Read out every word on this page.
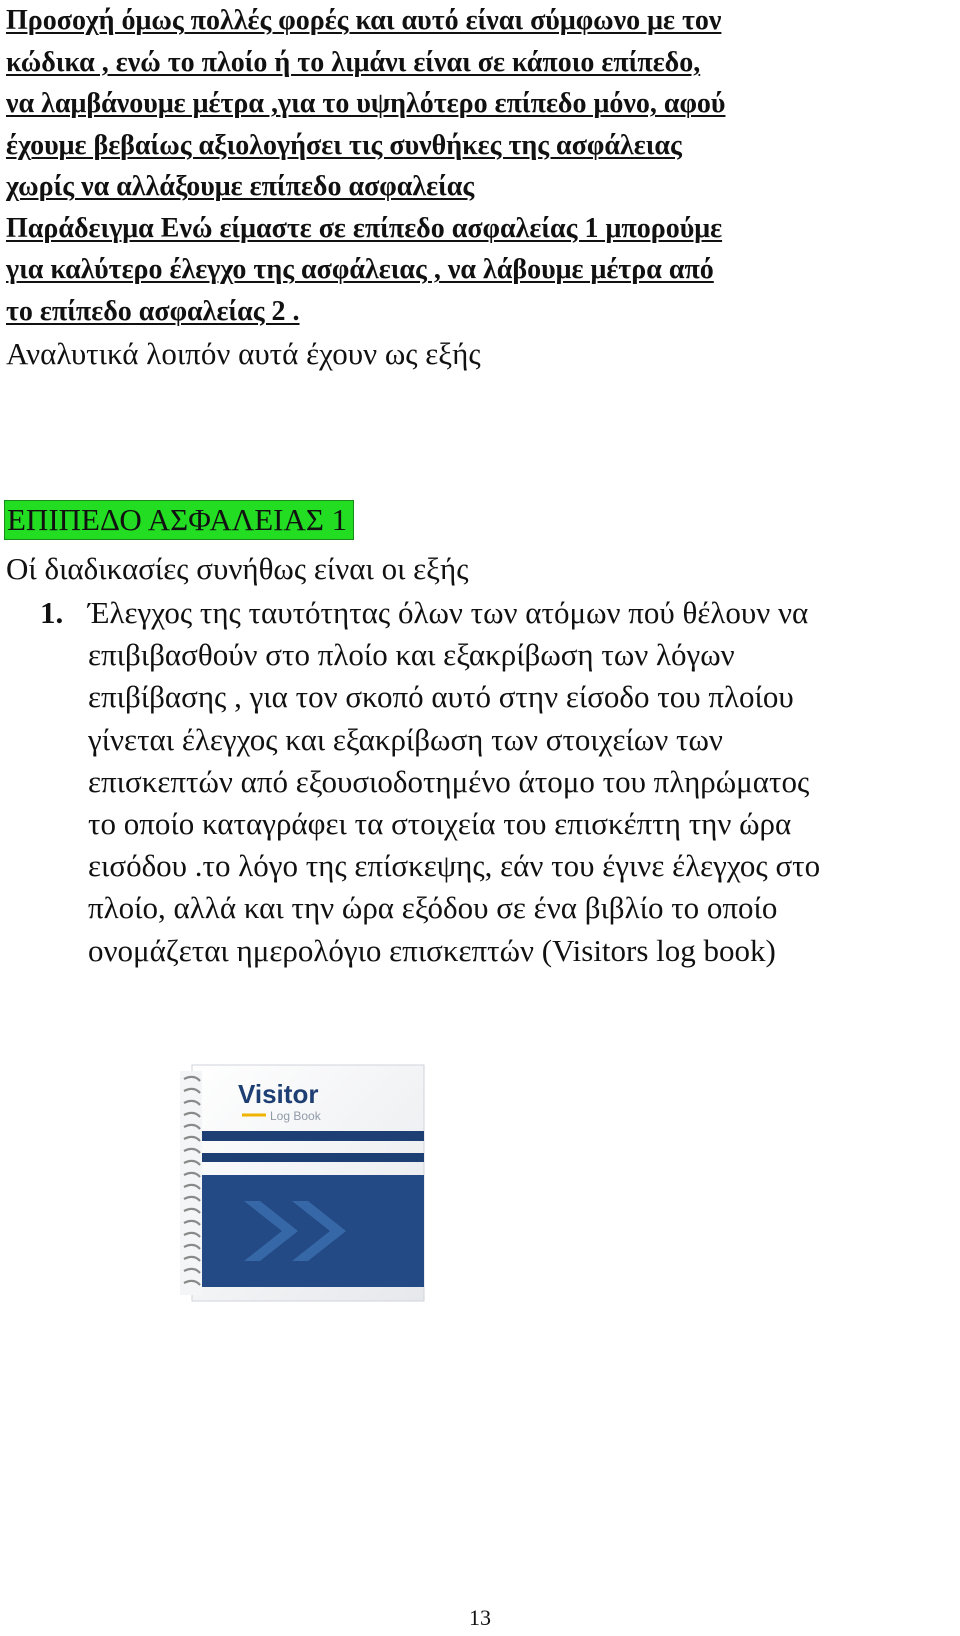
Προσοχή όμως πολλές φορές και αυτό είναι σύμφωνο με τον
κώδικα , ενώ το πλοίο ή το λιμάνι είναι σε κάποιο επίπεδο,
να λαμβάνουμε μέτρα ,για το υψηλότερο επίπεδο μόνο, αφού
έχουμε βεβαίως αξιολογήσει τις συνθήκες της ασφάλειας
χωρίς να αλλάξουμε επίπεδο ασφαλείας
Παράδειγμα Ενώ είμαστε σε επίπεδο ασφαλείας 1 μπορούμε
για καλύτερο έλεγχο της ασφάλειας , να λάβουμε μέτρα από
το επίπεδο ασφαλείας 2 .
Αναλυτικά λοιπόν αυτά έχουν ως εξής
ΕΠΙΠΕΔΟ ΑΣΦΑΛΕΙΑΣ 1
Οί διαδικασίες συνήθως είναι οι εξής
1. Έλεγχος της ταυτότητας όλων των ατόμων πού θέλουν να
επιβιβασθούν στο πλοίο και εξακρίβωση των λόγων
επιβίβασης , για τον σκοπό αυτό στην είσοδο του πλοίου
γίνεται έλεγχος και εξακρίβωση των στοιχείων των
επισκεπτών από εξουσιοδοτημένο άτομο του πληρώματος
το οποίο καταγράφει τα στοιχεία του επισκέπτη την ώρα
εισόδου .το λόγο της επίσκεψης, εάν του έγινε έλεγχος στο
πλοίο, αλλά και την ώρα εξόδου σε ένα βιβλίο το οποίο
ονομάζεται ημερολόγιο επισκεπτών (Visitors log book)
Visitor
Log Book
13
